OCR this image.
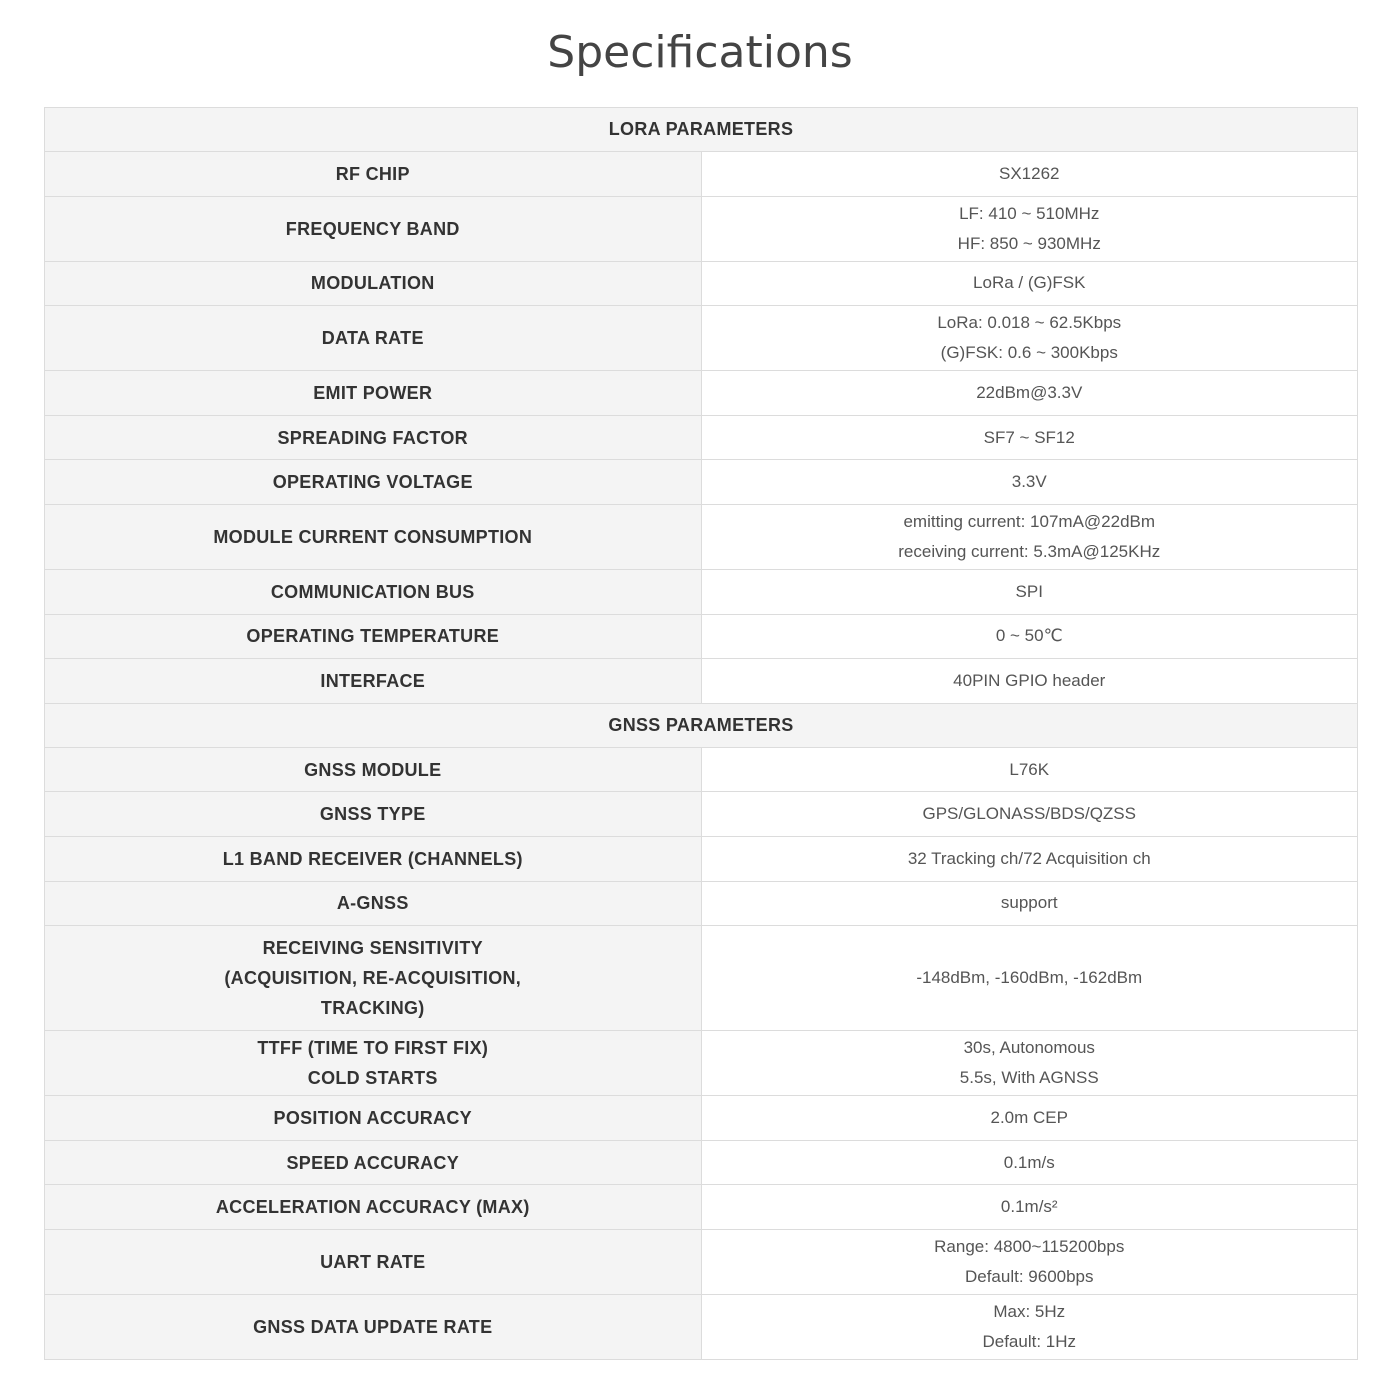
Specifications
LORA PARAMETERS	

RF CHIP	SX1262

FREQUENCY BAND	LF: 410 ~ 510MHz
HF: 850 ~ 930MHz

MODULATION	LoRa / (G)FSK

DATA RATE	LoRa: 0.018 ~ 62.5Kbps
(G)FSK: 0.6 ~ 300Kbps

EMIT POWER	22dBm@3.3V

SPREADING FACTOR	SF7 ~ SF12

OPERATING VOLTAGE	3.3V

MODULE CURRENT CONSUMPTION	emitting current: 107mA@22dBm
receiving current: 5.3mA@125KHz

COMMUNICATION BUS	SPI

OPERATING TEMPERATURE	0 ~ 50℃

INTERFACE	40PIN GPIO header

GNSS PARAMETERS	

GNSS MODULE	L76K

GNSS TYPE	GPS/GLONASS/BDS/QZSS

L1 BAND RECEIVER (CHANNELS)	32 Tracking ch/72 Acquisition ch

A-GNSS	support

RECEIVING SENSITIVITY
(ACQUISITION, RE-ACQUISITION,
TRACKING)	-148dBm, -160dBm, -162dBm

TTFF (TIME TO FIRST FIX)
COLD STARTS	30s, Autonomous
5.5s, With AGNSS

POSITION ACCURACY	2.0m CEP

SPEED ACCURACY	0.1m/s

ACCELERATION ACCURACY (MAX)	0.1m/s²

UART RATE	Range: 4800~115200bps
Default: 9600bps

GNSS DATA UPDATE RATE	Max: 5Hz
Default: 1Hz
